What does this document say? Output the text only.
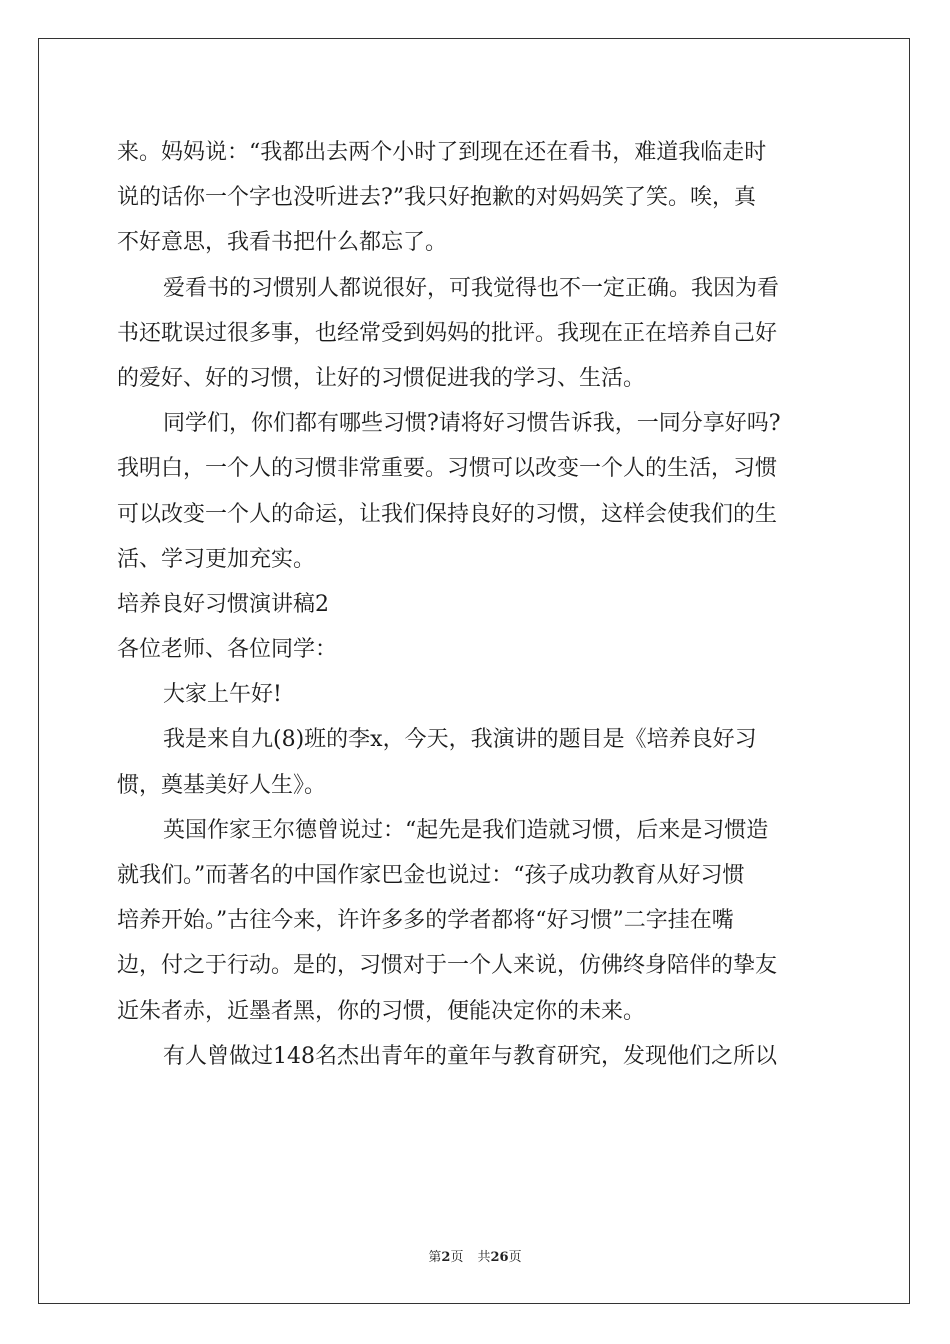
来。妈妈说：“我都出去两个小时了到现在还在看书，难道我临走时
说的话你一个字也没听进去?”我只好抱歉的对妈妈笑了笑。唉，真
不好意思，我看书把什么都忘了。
爱看书的习惯别人都说很好，可我觉得也不一定正确。我因为看
书还耽误过很多事，也经常受到妈妈的批评。我现在正在培养自己好
的爱好、好的习惯，让好的习惯促进我的学习、生活。
同学们，你们都有哪些习惯?请将好习惯告诉我，一同分享好吗?
我明白，一个人的习惯非常重要。习惯可以改变一个人的生活，习惯
可以改变一个人的命运，让我们保持良好的习惯，这样会使我们的生
活、学习更加充实。
培养良好习惯演讲稿2
各位老师、各位同学：
大家上午好!
我是来自九(8)班的李x，今天，我演讲的题目是《培养良好习
惯，奠基美好人生》。
英国作家王尔德曾说过：“起先是我们造就习惯，后来是习惯造
就我们。”而著名的中国作家巴金也说过：“孩子成功教育从好习惯
培养开始。”古往今来，许许多多的学者都将“好习惯”二字挂在嘴
边，付之于行动。是的，习惯对于一个人来说，仿佛终身陪伴的挚友
近朱者赤，近墨者黑，你的习惯，便能决定你的未来。
有人曾做过148名杰出青年的童年与教育研究，发现他们之所以
第2页 共26页
